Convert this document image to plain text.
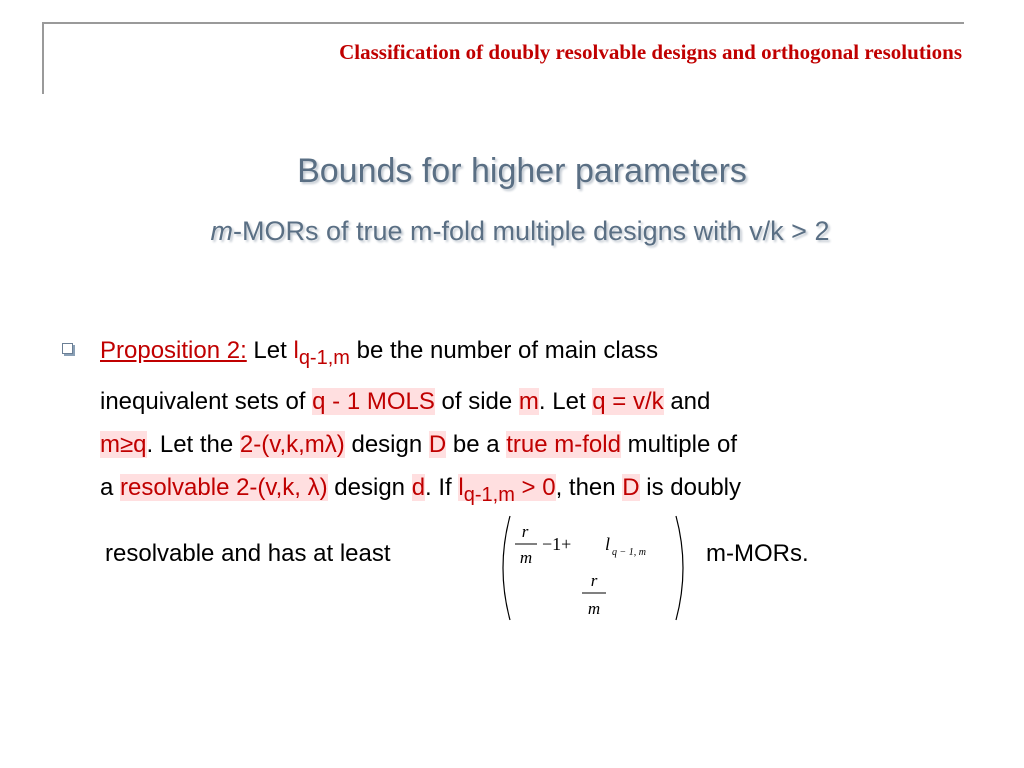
Classification of doubly resolvable designs and orthogonal resolutions
Bounds for higher parameters
m-MORs of true m-fold multiple designs with v/k > 2
Proposition 2: Let $l_{q-1,m}$ be the number of main class
inequivalent sets of q - 1 MOLS of side m. Let q = v/k and
m≥q. Let the 2-(v,k,mλ) design D be a true m-fold multiple of
a resolvable 2-(v,k, λ) design d. If $l_{q-1,m} > 0$, then D is doubly
resolvable and has at least
r
m
−1+ l q − 1, m
r
m
m-MORs.
